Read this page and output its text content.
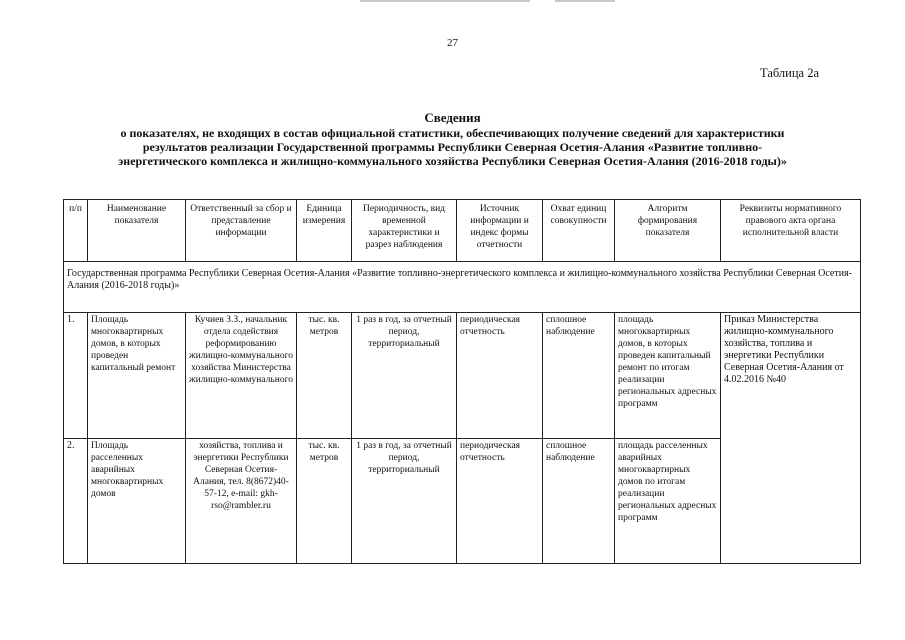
27
Таблица 2а
Сведения
о показателях, не входящих в состав официальной статистики, обеспечивающих получение сведений для характеристики
результатов реализации Государственной программы Республики Северная Осетия-Алания «Развитие топливно-
энергетического комплекса и жилищно-коммунального хозяйства Республики Северная Осетия-Алания (2016-2018 годы)»
п/п	Наименование показателя	Ответственный за сбор и представление информации	Единица измерения	Периодичность, вид временной характеристики и разрез наблюдения	Источник информации и индекс формы отчетности	Охват единиц совокупности	Алгоритм формирования показателя	Реквизиты нормативного правового акта органа исполнительной власти
Государственная программа Республики Северная Осетия-Алания «Развитие топливно-энергетического комплекса и жилищно-коммунального хозяйства Республики Северная Осетия-Алания (2016-2018 годы)»								
1.	Площадь многоквартирных домов, в которых проведен капитальный ремонт	Кучиев З.З., начальник отдела содействия реформированию жилищно-коммунального хозяйства Министерства жилищно-коммунального	тыс. кв. метров	1 раз в год, за отчетный период, территориальный	периодическая отчетность	сплошное наблюдение	площадь многоквартирных домов, в которых проведен капитальный ремонт по итогам реализации региональных адресных программ	Приказ Министерства жилищно-коммунального хозяйства, топлива и энергетики Республики Северная Осетия-Алания от 4.02.2016 №40
2.	Площадь расселенных аварийных многоквартирных домов	хозяйства, топлива и энергетики Республики Северная Осетия-Алания, тел. 8(8672)40-57-12, e-mail: gkh-rso@rambler.ru	тыс. кв. метров	1 раз в год, за отчетный период, территориальный	периодическая отчетность	сплошное наблюдение	площадь расселенных аварийных многоквартирных домов по итогам реализации региональных адресных программ	
